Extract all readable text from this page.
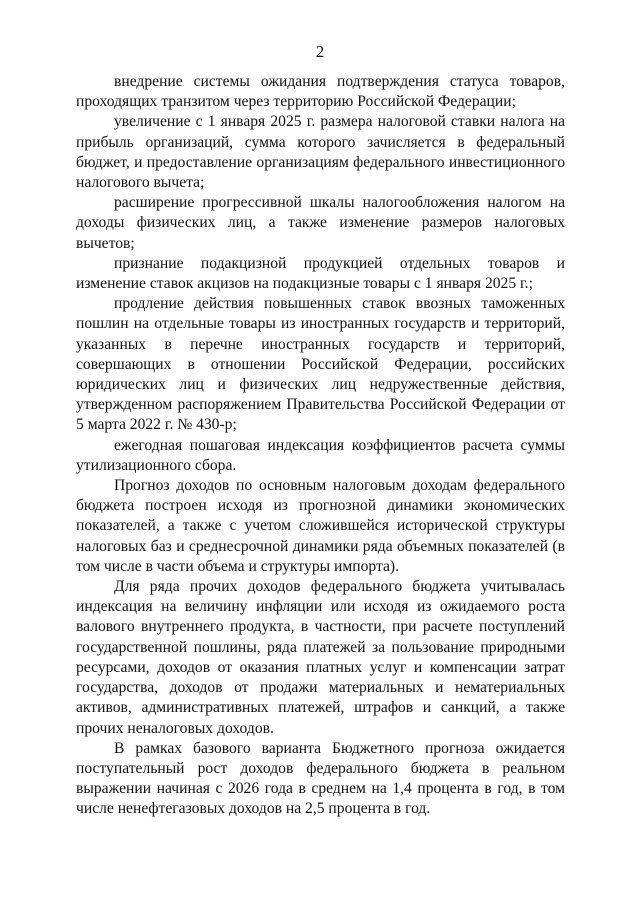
2

внедрение системы ожидания подтверждения статуса товаров, проходящих транзитом через территорию Российской Федерации;

увеличение с 1 января 2025 г. размера налоговой ставки налога на прибыль организаций, сумма которого зачисляется в федеральный бюджет, и предоставление организациям федерального инвестиционного налогового вычета;

расширение прогрессивной шкалы налогообложения налогом на доходы физических лиц, а также изменение размеров налоговых вычетов;

признание подакцизной продукцией отдельных товаров и изменение ставок акцизов на подакцизные товары с 1 января 2025 г.;

продление действия повышенных ставок ввозных таможенных пошлин на отдельные товары из иностранных государств и территорий, указанных в перечне иностранных государств и территорий, совершающих в отношении Российской Федерации, российских юридических лиц и физических лиц недружественные действия, утвержденном распоряжением Правительства Российской Федерации от 5 марта 2022 г. № 430-р;

ежегодная пошаговая индексация коэффициентов расчета суммы утилизационного сбора.

Прогноз доходов по основным налоговым доходам федерального бюджета построен исходя из прогнозной динамики экономических показателей, а также с учетом сложившейся исторической структуры налоговых баз и среднесрочной динамики ряда объемных показателей (в том числе в части объема и структуры импорта).

Для ряда прочих доходов федерального бюджета учитывалась индексация на величину инфляции или исходя из ожидаемого роста валового внутреннего продукта, в частности, при расчете поступлений государственной пошлины, ряда платежей за пользование природными ресурсами, доходов от оказания платных услуг и компенсации затрат государства, доходов от продажи материальных и нематериальных активов, административных платежей, штрафов и санкций, а также прочих неналоговых доходов.

В рамках базового варианта Бюджетного прогноза ожидается поступательный рост доходов федерального бюджета в реальном выражении начиная с 2026 года в среднем на 1,4 процента в год, в том числе ненефтегазовых доходов на 2,5 процента в год.
